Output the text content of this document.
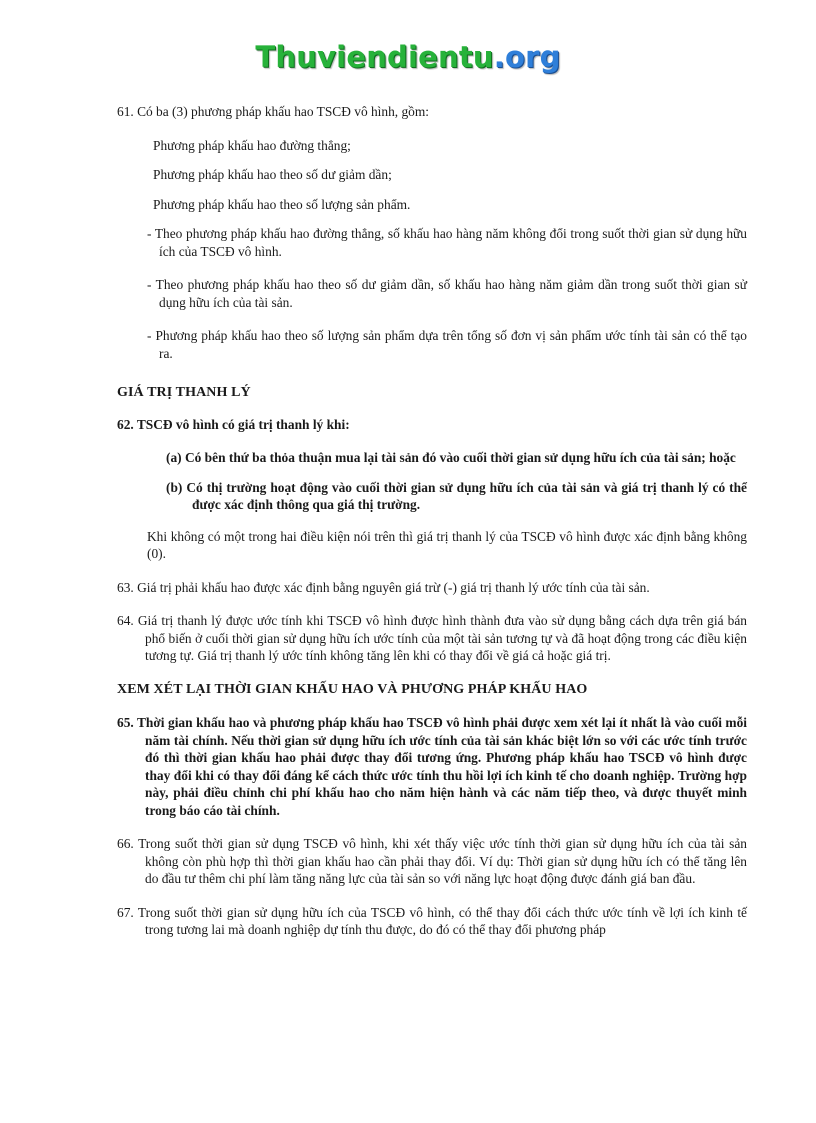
Thuviendientu.org

61. Có ba (3) phương pháp khấu hao TSCĐ vô hình, gồm:

Phương pháp khấu hao đường thẳng;

Phương pháp khấu hao theo số dư giảm dần;

Phương pháp khấu hao theo số lượng sản phẩm.

- Theo phương pháp khấu hao đường thẳng, số khấu hao hàng năm không đổi trong suốt thời gian sử dụng hữu ích của TSCĐ vô hình.

- Theo phương pháp khấu hao theo số dư giảm dần, số khấu hao hàng năm giảm dần trong suốt thời gian sử dụng hữu ích của tài sản.

- Phương pháp khấu hao theo số lượng sản phẩm dựa trên tổng số đơn vị sản phẩm ước tính tài sản có thể tạo ra.

GIÁ TRỊ THANH LÝ

62. TSCĐ vô hình có giá trị thanh lý khi:

(a) Có bên thứ ba thỏa thuận mua lại tài sản đó vào cuối thời gian sử dụng hữu ích của tài sản; hoặc

(b) Có thị trường hoạt động vào cuối thời gian sử dụng hữu ích của tài sản và giá trị thanh lý có thể được xác định thông qua giá thị trường.

Khi không có một trong hai điều kiện nói trên thì giá trị thanh lý của TSCĐ vô hình được xác định bằng không (0).

63. Giá trị phải khấu hao được xác định bằng nguyên giá trừ (-) giá trị thanh lý ước tính của tài sản.

64. Giá trị thanh lý được ước tính khi TSCĐ vô hình được hình thành đưa vào sử dụng bằng cách dựa trên giá bán phổ biến ở cuối thời gian sử dụng hữu ích ước tính của một tài sản tương tự và đã hoạt động trong các điều kiện tương tự. Giá trị thanh lý ước tính không tăng lên khi có thay đổi về giá cả hoặc giá trị.

XEM XÉT LẠI THỜI GIAN KHẤU HAO VÀ PHƯƠNG PHÁP KHẤU HAO

65. Thời gian khấu hao và phương pháp khấu hao TSCĐ vô hình phải được xem xét lại ít nhất là vào cuối mỗi năm tài chính. Nếu thời gian sử dụng hữu ích ước tính của tài sản khác biệt lớn so với các ước tính trước đó thì thời gian khấu hao phải được thay đổi tương ứng. Phương pháp khấu hao TSCĐ vô hình được thay đổi khi có thay đổi đáng kể cách thức ước tính thu hồi lợi ích kinh tế cho doanh nghiệp. Trường hợp này, phải điều chỉnh chi phí khấu hao cho năm hiện hành và các năm tiếp theo, và được thuyết minh trong báo cáo tài chính.

66. Trong suốt thời gian sử dụng TSCĐ vô hình, khi xét thấy việc ước tính thời gian sử dụng hữu ích của tài sản không còn phù hợp thì thời gian khấu hao cần phải thay đổi. Ví dụ: Thời gian sử dụng hữu ích có thể tăng lên do đầu tư thêm chi phí làm tăng năng lực của tài sản so với năng lực hoạt động được đánh giá ban đầu.

67. Trong suốt thời gian sử dụng hữu ích của TSCĐ vô hình, có thể thay đổi cách thức ước tính về lợi ích kinh tế trong tương lai mà doanh nghiệp dự tính thu được, do đó có thể thay đổi phương pháp
